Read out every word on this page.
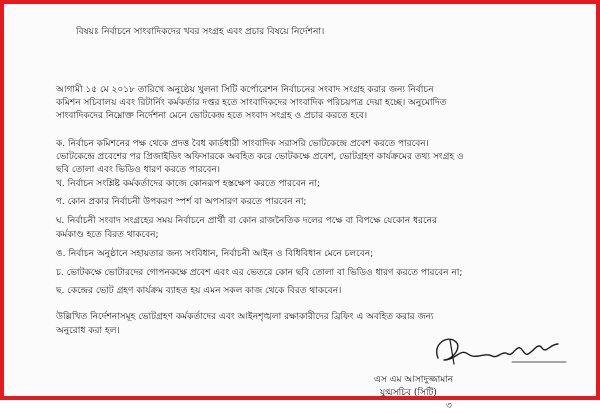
বিষয়ঃ নির্বাচনে সাংবাদিকদের খবর সংগ্রহ এবং প্রচার বিষয়ে নির্দেশনা।
আগামী ১৫ মে ২০১৮ তারিখে অনুষ্ঠেয় খুলনা সিটি কর্পোরেশন নির্বাচনের সংবাদ সংগ্রহ করার জন্য নির্বাচন
কমিশন সচিবালয় এবং রিটার্নিং কর্মকর্তার দপ্তর হতে সাংবাদিকদের সাংবাদিক পরিচয়পত্র দেয়া হচ্ছে। অনুমোদিত
সাংবাদিকদের নিম্নোক্ত নির্দেশনা মেনে ভোটকেন্দ্র হতে সংবাদ সংগ্রহ ও প্রচার করতে হবে।
ক. নির্বাচন কমিশনের পক্ষ থেকে প্রদত্ত বৈধ কার্ডধারী সাংবাদিক সরাসরি ভোটকেন্দ্রে প্রবেশ করতে পারবেন।
ভোটকেন্দ্রে প্রবেশের পর প্রিজাইডিং অফিসারকে অবহিত করে ভোটকক্ষে প্রবেশ, ভোটগ্রহণ কার্যক্রমের তথ্য সংগ্রহ ও
ছবি তোলা এবং ভিডিও ধারণ করতে পারবেন।
খ. নির্বাচন সংশ্লিষ্ট কর্মকর্তাদের কাজে কোনরূপ হস্তক্ষেপ করতে পারবেন না;
গ. কোন প্রকার নির্বাচনী উপকরণ স্পর্শ বা অপসারণ করতে পারবেন না;
ঘ. নির্বাচনী সংবাদ সংগ্রহের সময় নির্বাচনে প্রার্থী বা কোন রাজনৈতিক দলের পক্ষে বা বিপক্ষে যেকোন ধরনের
কর্মকাণ্ড হতে বিরত থাকবেন;
ঙ. নির্বাচন অনুষ্ঠানে সহায়তার জন্য সংবিধান, নির্বাচনী আইন ও বিধিবিধান মেনে চলবেন;
চ. ভোটকক্ষে ভোটারদের গোপনকক্ষে প্রবেশ এবং এর ভেতরে কোন ছবি তোলা বা ভিডিও ধারণ করতে পারবেন না;
ছ. কেন্দ্রের ভোট গ্রহণ কার্যক্রম ব্যাহত হয় এমন সকল কাজ থেকে বিরত থাকবেন।
উল্লিখিত নির্দেশনাসমূহ ভোটগ্রহণ কর্মকর্তাদের এবং আইনশৃঙ্খলা রক্ষাকারীদের ব্রিফিং এ অবহিত করার জন্য
অনুরোধ করা হল।
এস এম আসাদুজ্জামান
যুগ্মসচিব (সিটি)
৩
